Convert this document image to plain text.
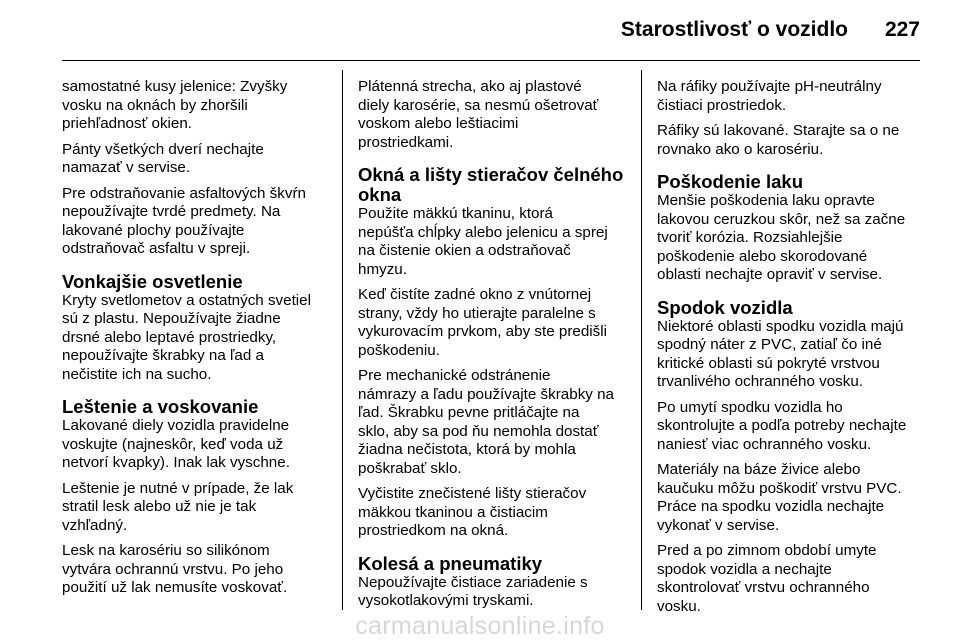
Starostlivosť o vozidlo 227

samostatné kusy jelenice: Zvyšky
vosku na oknách by zhoršili
priehľadnosť okien.

Pánty všetkých dverí nechajte
namazať v servise.

Pre odstraňovanie asfaltových škvŕn
nepoužívajte tvrdé predmety. Na
lakované plochy používajte
odstraňovač asfaltu v spreji.

Vonkajšie osvetlenie

Kryty svetlometov a ostatných svetiel
sú z plastu. Nepoužívajte žiadne
drsné alebo leptavé prostriedky,
nepoužívajte škrabky na ľad a
nečistite ich na sucho.

Leštenie a voskovanie

Lakované diely vozidla pravidelne
voskujte (najneskôr, keď voda už
netvorí kvapky). Inak lak vyschne.

Leštenie je nutné v prípade, že lak
stratil lesk alebo už nie je tak
vzhľadný.

Lesk na karosériu so silikónom
vytvára ochrannú vrstvu. Po jeho
použití už lak nemusíte voskovať.

Plátenná strecha, ako aj plastové
diely karosérie, sa nesmú ošetrovať
voskom alebo leštiacimi
prostriedkami.

Okná a lišty stieračov čelného
okna

Použite mäkkú tkaninu, ktorá
nepúšťa chĺpky alebo jelenicu a sprej
na čistenie okien a odstraňovač
hmyzu.

Keď čistíte zadné okno z vnútornej
strany, vždy ho utierajte paralelne s
vykurovacím prvkom, aby ste predišli
poškodeniu.

Pre mechanické odstránenie
námrazy a ľadu používajte škrabky na
ľad. Škrabku pevne pritláčajte na
sklo, aby sa pod ňu nemohla dostať
žiadna nečistota, ktorá by mohla
poškrabať sklo.

Vyčistite znečistené lišty stieračov
mäkkou tkaninou a čistiacim
prostriedkom na okná.

Kolesá a pneumatiky

Nepoužívajte čistiace zariadenie s
vysokotlakovými tryskami.

Na ráfiky používajte pH-neutrálny
čistiaci prostriedok.

Ráfiky sú lakované. Starajte sa o ne
rovnako ako o karosériu.

Poškodenie laku

Menšie poškodenia laku opravte
lakovou ceruzkou skôr, než sa začne
tvoriť korózia. Rozsiahlejšie
poškodenie alebo skorodované
oblasti nechajte opraviť v servise.

Spodok vozidla

Niektoré oblasti spodku vozidla majú
spodný náter z PVC, zatiaľ čo iné
kritické oblasti sú pokryté vrstvou
trvanlivého ochranného vosku.

Po umytí spodku vozidla ho
skontrolujte a podľa potreby nechajte
naniesť viac ochranného vosku.

Materiály na báze živice alebo
kaučuku môžu poškodiť vrstvu PVC.
Práce na spodku vozidla nechajte
vykonať v servise.

Pred a po zimnom období umyte
spodok vozidla a nechajte
skontrolovať vrstvu ochranného
vosku.

carmanualsonline.info
